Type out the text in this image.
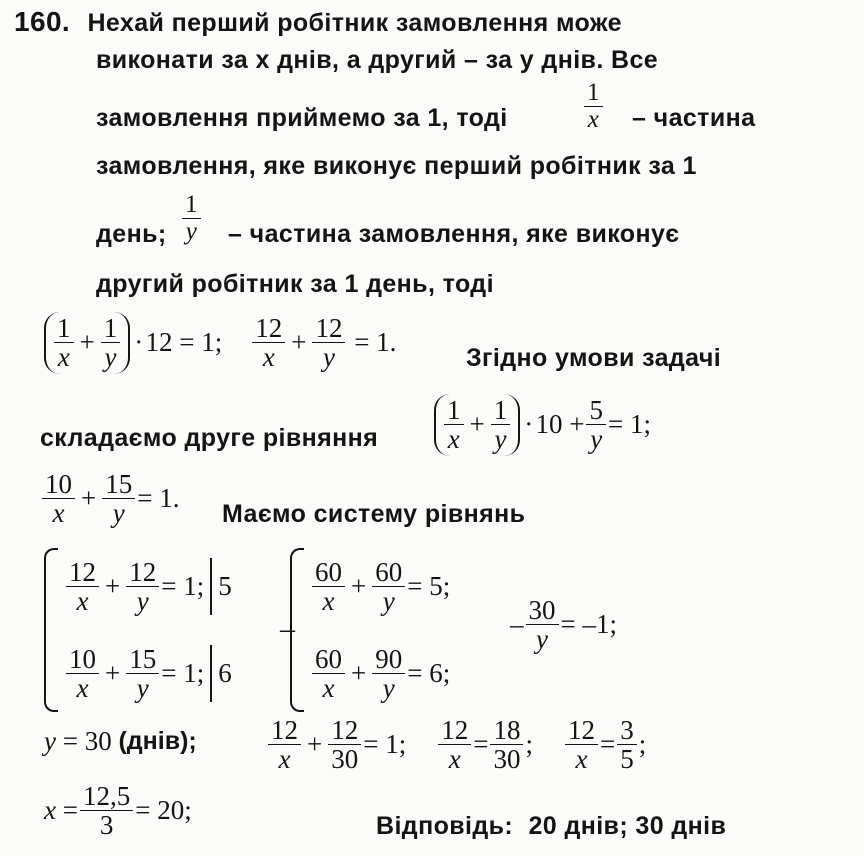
160. Нехай перший робітник замовлення може
виконати за x днів, а другий – за y днів. Все
замовлення приймемо за 1, тоді	$\frac{1}{x}$ – частина
замовлення, яке виконує перший робітник за 1
день; $\frac{1}{y}$ – частина замовлення, яке виконує
другий робітник за 1 день, тоді
$\frac{1}{x} + \frac{1}{y}$ · 12 = 1; $\frac{12}{x} + \frac{12}{y} = 1$.
Згідно умови задачі
складаємо друге рівняння $\frac{1}{x} + \frac{1}{y}$ · $10 + \frac{5}{y} = 1$;
$\frac{10}{x} + \frac{15}{y} = 1$.
Маємо систему рівнянь
$\frac{12}{x} + \frac{12}{y} = 1$; 5
$\frac{10}{x} + \frac{15}{y} = 1$; 6
–
$\frac{60}{x} + \frac{60}{y} = 5$;
$\frac{60}{x} + \frac{90}{y} = 6$;
– $\frac{30}{y} = -1$;
y = 30 (днів);	$\frac{12}{x} + \frac{12}{30} = 1$; $\frac{12}{x} = \frac{18}{30}$ ; $\frac{12}{x} = \frac{3}{5}$ ;
$x = \frac{12,5}{3} = 20$;
Відповідь: 20 днів; 30 днів
